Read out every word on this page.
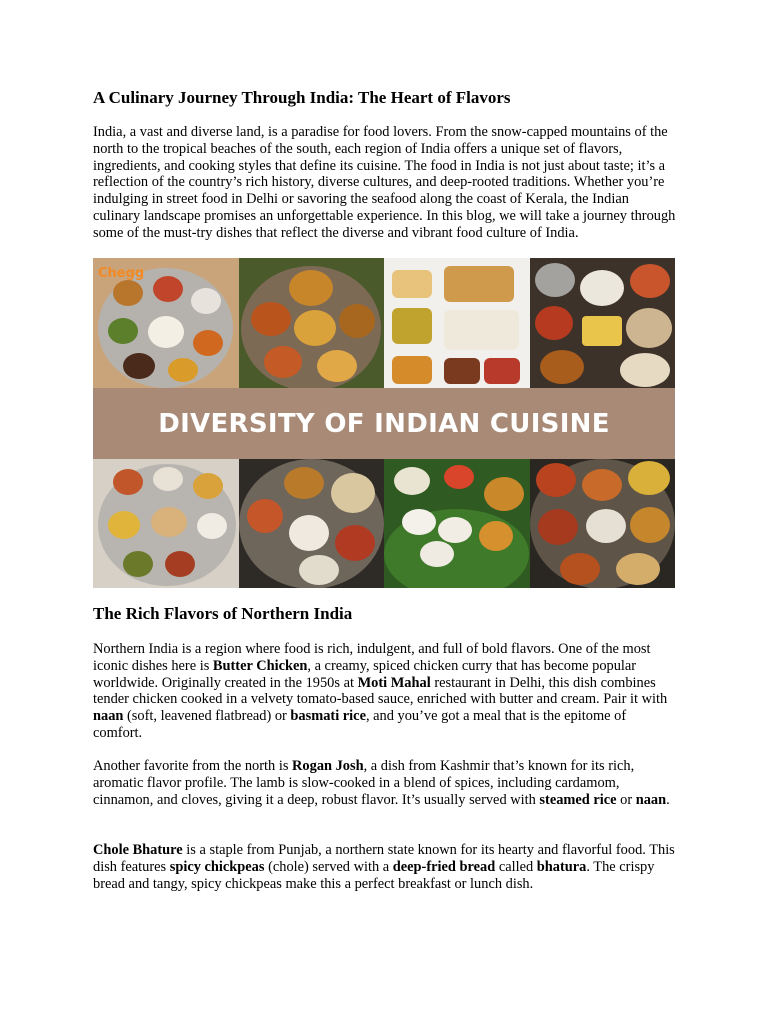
A Culinary Journey Through India: The Heart of Flavors

India, a vast and diverse land, is a paradise for food lovers. From the snow-capped mountains of the north to the tropical beaches of the south, each region of India offers a unique set of flavors, ingredients, and cooking styles that define its cuisine. The food in India is not just about taste; it’s a reflection of the country’s rich history, diverse cultures, and deep-rooted traditions. Whether you’re indulging in street food in Delhi or savoring the seafood along the coast of Kerala, the Indian culinary landscape promises an unforgettable experience. In this blog, we will take a journey through some of the must-try dishes that reflect the diverse and vibrant food culture of India.

Chegg
DIVERSITY OF INDIAN CUISINE
The Rich Flavors of Northern India

Northern India is a region where food is rich, indulgent, and full of bold flavors. One of the most iconic dishes here is Butter Chicken, a creamy, spiced chicken curry that has become popular worldwide. Originally created in the 1950s at Moti Mahal restaurant in Delhi, this dish combines tender chicken cooked in a velvety tomato-based sauce, enriched with butter and cream. Pair it with naan (soft, leavened flatbread) or basmati rice, and you’ve got a meal that is the epitome of comfort.

Another favorite from the north is Rogan Josh, a dish from Kashmir that’s known for its rich, aromatic flavor profile. The lamb is slow-cooked in a blend of spices, including cardamom, cinnamon, and cloves, giving it a deep, robust flavor. It’s usually served with steamed rice or naan.

Chole Bhature is a staple from Punjab, a northern state known for its hearty and flavorful food. This dish features spicy chickpeas (chole) served with a deep-fried bread called bhatura. The crispy bread and tangy, spicy chickpeas make this a perfect breakfast or lunch dish.
